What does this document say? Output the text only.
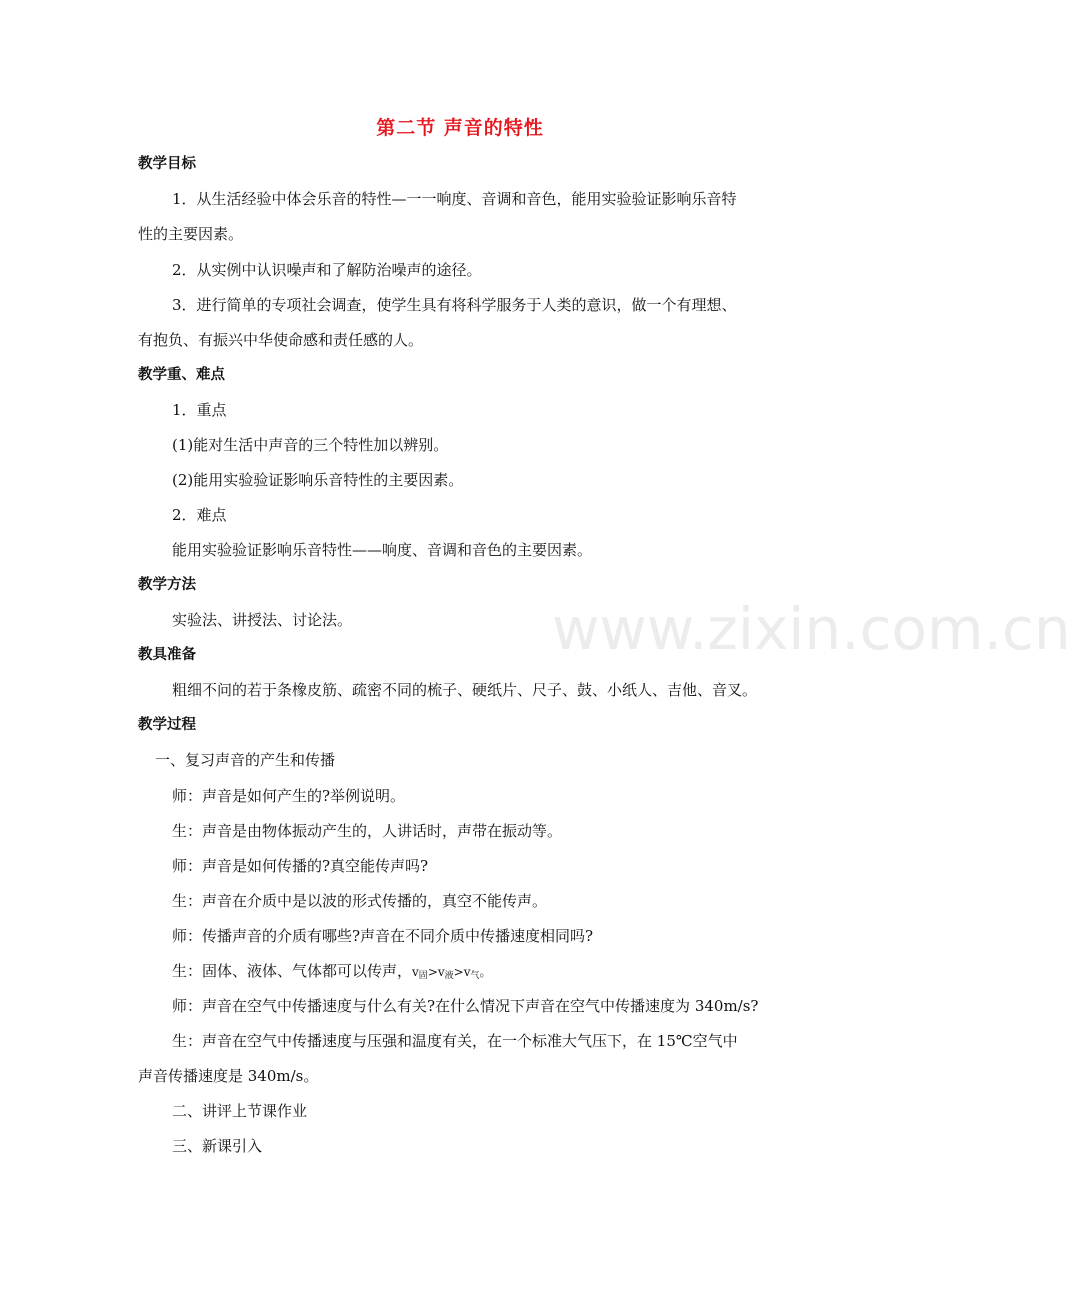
www.zixin.com.cn
第二节 声音的特性
教学目标
1．从生活经验中体会乐音的特性—一一响度、音调和音色，能用实验验证影响乐音特
性的主要因素。
2．从实例中认识噪声和了解防治噪声的途径。
3．进行简单的专项社会调查，使学生具有将科学服务于人类的意识，做一个有理想、
有抱负、有振兴中华使命感和责任感的人。
教学重、难点
1．重点
(1)能对生活中声音的三个特性加以辨别。
(2)能用实验验证影响乐音特性的主要因素。
2．难点
能用实验验证影响乐音特性——响度、音调和音色的主要因素。
教学方法
实验法、讲授法、讨论法。
教具准备
粗细不问的若于条橡皮筋、疏密不同的梳子、硬纸片、尺子、鼓、小纸人、吉他、音叉。
教学过程
一、复习声音的产生和传播
师：声音是如何产生的?举例说明。
生：声音是由物体振动产生的，人讲话时，声带在振动等。
师：声音是如何传播的?真空能传声吗?
生：声音在介质中是以波的形式传播的，真空不能传声。
师：传播声音的介质有哪些?声音在不同介质中传播速度相同吗?
生：固体、液体、气体都可以传声，$v_固>v_液>v_气$。
师：声音在空气中传播速度与什么有关?在什么情况下声音在空气中传播速度为 340m/s?
生：声音在空气中传播速度与压强和温度有关，在一个标准大气压下，在 15℃空气中
声音传播速度是 340m/s。
二、讲评上节课作业
三、新课引入
